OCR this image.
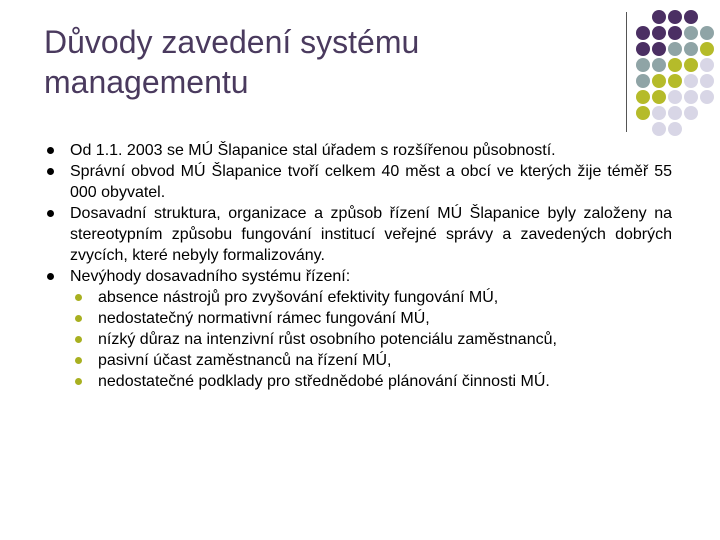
Důvody zavedení systému managementu
Od 1.1. 2003 se MÚ Šlapanice stal úřadem s rozšířenou působností.
Správní obvod MÚ Šlapanice tvoří celkem 40 měst a obcí ve kterých žije téměř 55 000 obyvatel.
Dosavadní struktura, organizace a způsob řízení MÚ Šlapanice byly založeny na stereotypním způsobu fungování institucí veřejné správy a zavedených dobrých zvycích, které nebyly formalizovány.
Nevýhody dosavadního systému řízení:
absence nástrojů pro zvyšování efektivity fungování MÚ,
nedostatečný normativní rámec fungování MÚ,
nízký důraz na intenzivní růst osobního potenciálu zaměstnanců,
pasivní účast zaměstnanců na řízení MÚ,
nedostatečné podklady pro střednědobé plánování činnosti MÚ.
